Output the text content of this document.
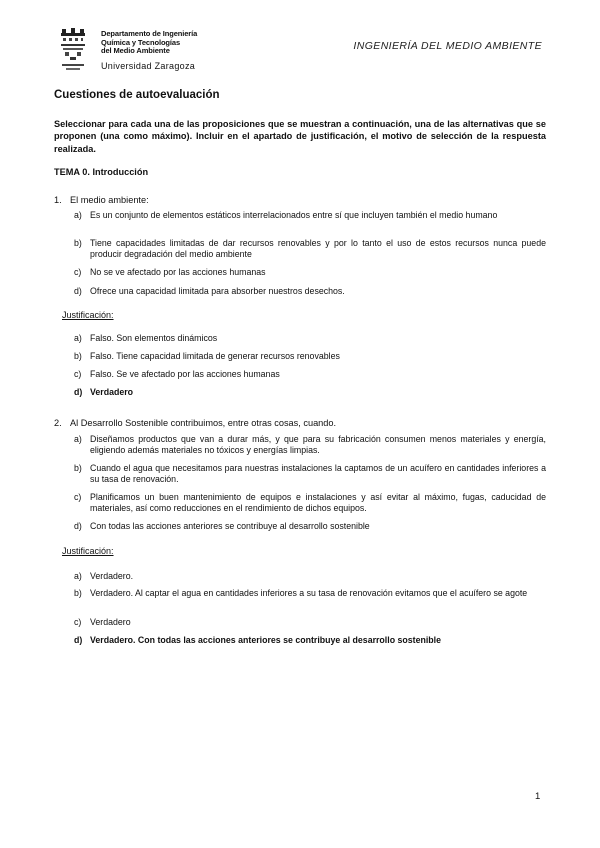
Departamento de Ingeniería
Química y Tecnologías
del Medio Ambiente
Universidad Zaragoza
INGENIERÍA DEL MEDIO AMBIENTE
Cuestiones de autoevaluación

Seleccionar para cada una de las proposiciones que se muestran a continuación, una de las alternativas que se proponen (una como máximo). Incluir en el apartado de justificación, el motivo de selección de la respuesta realizada.

TEMA 0. Introducción
1. El medio ambiente:
a) Es un conjunto de elementos estáticos interrelacionados entre sí que incluyen también el medio humano
b) Tiene capacidades limitadas de dar recursos renovables y por lo tanto el uso de estos recursos nunca puede producir degradación del medio ambiente
c) No se ve afectado por las acciones humanas
d) Ofrece una capacidad limitada para absorber nuestros desechos.
Justificación:
a) Falso. Son elementos dinámicos
b) Falso. Tiene capacidad limitada de generar recursos renovables
c) Falso. Se ve afectado por las acciones humanas
d) Verdadero
2. Al Desarrollo Sostenible contribuimos, entre otras cosas, cuando.
a) Diseñamos productos que van a durar más, y que para su fabricación consumen menos materiales y energía, eligiendo además materiales no tóxicos y energías limpias.
b) Cuando el agua que necesitamos para nuestras instalaciones la captamos de un acuífero en cantidades inferiores a su tasa de renovación.
c) Planificamos un buen mantenimiento de equipos e instalaciones y así evitar al máximo, fugas, caducidad de materiales, así como reducciones en el rendimiento de dichos equipos.
d) Con todas las acciones anteriores se contribuye al desarrollo sostenible
Justificación:
a) Verdadero.
b) Verdadero. Al captar el agua en cantidades inferiores a su tasa de renovación evitamos que el acuífero se agote
c) Verdadero
d) Verdadero. Con todas las acciones anteriores se contribuye al desarrollo sostenible
1
